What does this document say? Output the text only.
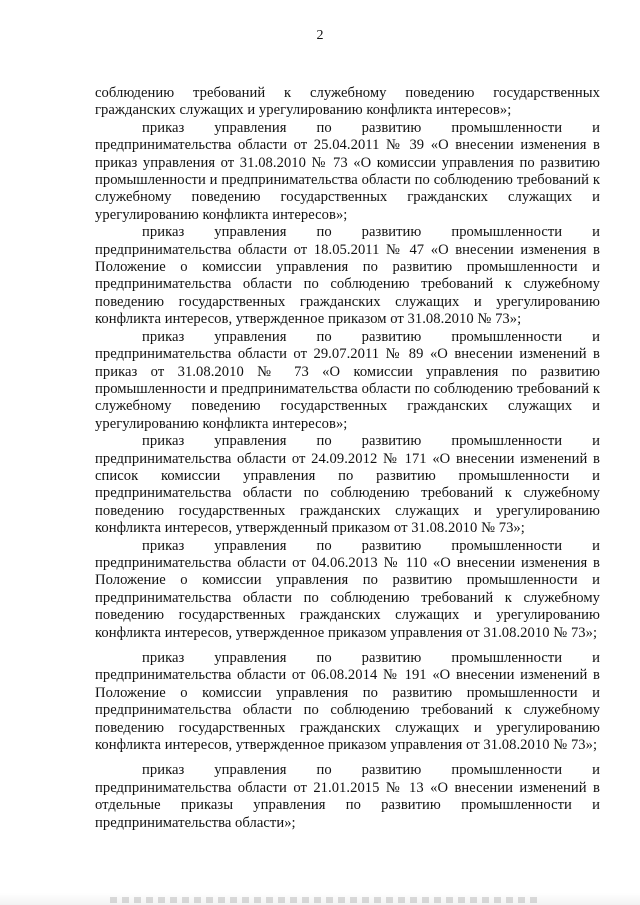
2

соблюдению требований к служебному поведению государственных гражданских служащих и урегулированию конфликта интересов»;

приказ управления по развитию промышленности и предпринимательства области от 25.04.2011 № 39 «О внесении изменения в приказ управления от 31.08.2010 № 73 «О комиссии управления по развитию промышленности и предпринимательства области по соблюдению требований к служебному поведению государственных гражданских служащих и урегулированию конфликта интересов»;

приказ управления по развитию промышленности и предпринимательства области от 18.05.2011 № 47 «О внесении изменения в Положение о комиссии управления по развитию промышленности и предпринимательства области по соблюдению требований к служебному поведению государственных гражданских служащих и урегулированию конфликта интересов, утвержденное приказом от 31.08.2010 № 73»;

приказ управления по развитию промышленности и предпринимательства области от 29.07.2011 № 89 «О внесении изменений в приказ от 31.08.2010 № 73 «О комиссии управления по развитию промышленности и предпринимательства области по соблюдению требований к служебному поведению государственных гражданских служащих и урегулированию конфликта интересов»;

приказ управления по развитию промышленности и предпринимательства области от 24.09.2012 № 171 «О внесении изменений в список комиссии управления по развитию промышленности и предпринимательства области по соблюдению требований к служебному поведению государственных гражданских служащих и урегулированию конфликта интересов, утвержденный приказом от 31.08.2010 № 73»;

приказ управления по развитию промышленности и предпринимательства области от 04.06.2013 № 110 «О внесении изменения в Положение о комиссии управления по развитию промышленности и предпринимательства области по соблюдению требований к служебному поведению государственных гражданских служащих и урегулированию конфликта интересов, утвержденное приказом управления от 31.08.2010 № 73»;

приказ управления по развитию промышленности и предпринимательства области от 06.08.2014 № 191 «О внесении изменений в Положение о комиссии управления по развитию промышленности и предпринимательства области по соблюдению требований к служебному поведению государственных гражданских служащих и урегулированию конфликта интересов, утвержденное приказом управления от 31.08.2010 № 73»;

приказ управления по развитию промышленности и предпринимательства области от 21.01.2015 № 13 «О внесении изменений в отдельные приказы управления по развитию промышленности и предпринимательства области»;
